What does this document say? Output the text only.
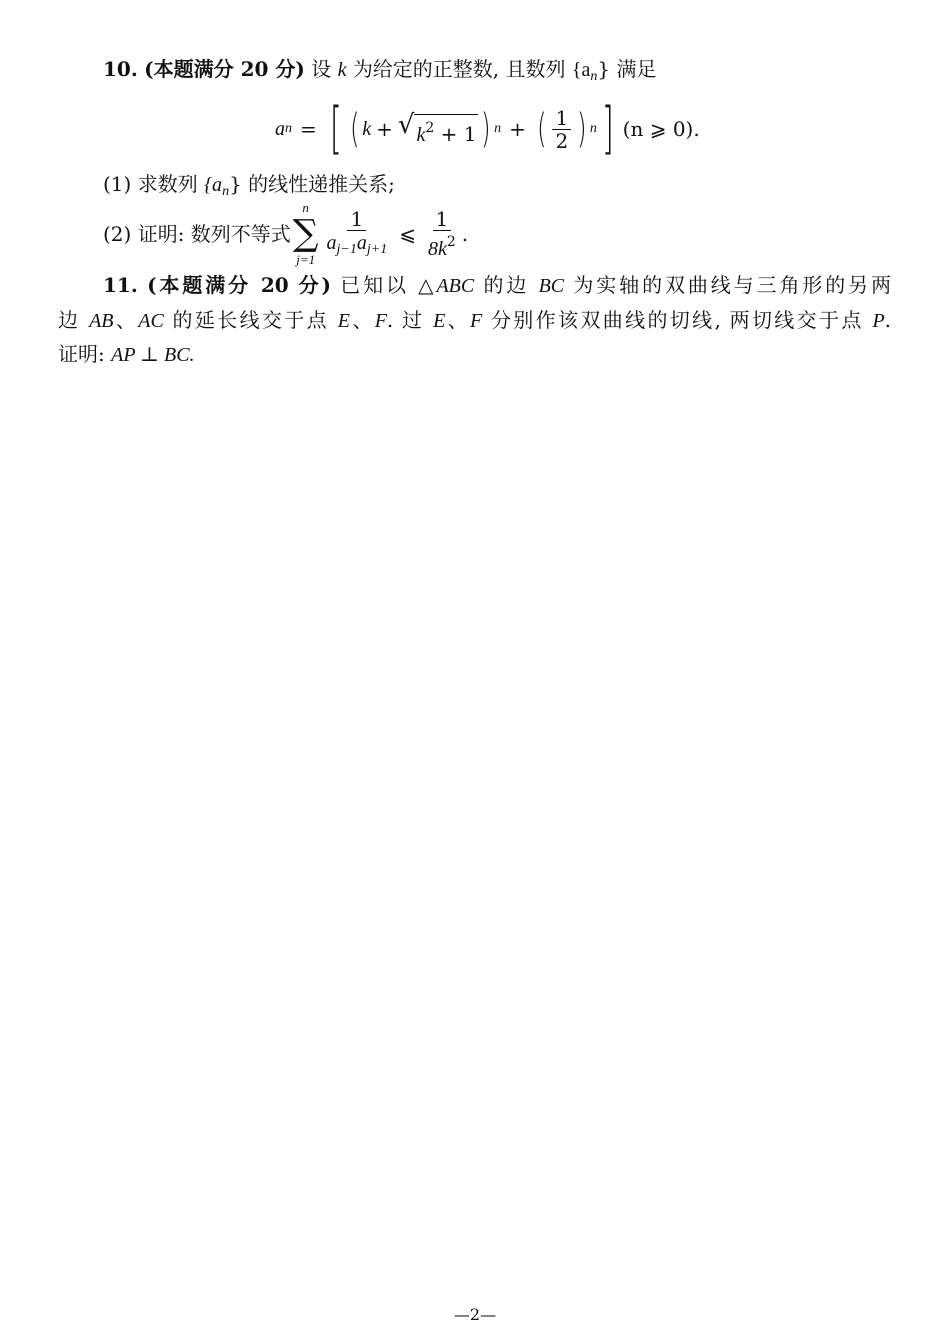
10. (本题满分 20 分) 设 k 为给定的正整数, 且数列 $\{a_n\}$ 满足
a n = [ ( k + √ $k^2 + 1$ ) n + ( $\frac{1}{2}$ ) n ] (n ⩾ 0).
(1) 求数列 $\{a_n\}$ 的线性递推关系;
(2)
证明: 数列不等式
n
∑
$j=1 \frac{1}{a_{j-1}a_{j+1}}$ ⩽ $\frac{1}{8k^2}$ .
11. (本题满分 20 分) 已知以 △ABC 的边 BC 为实轴的双曲线与三角形的另两
边 AB、AC 的延长线交于点 E、F. 过 E、F 分别作该双曲线的切线, 两切线交于点 P.
证明: AP ⊥ BC.
—2—
